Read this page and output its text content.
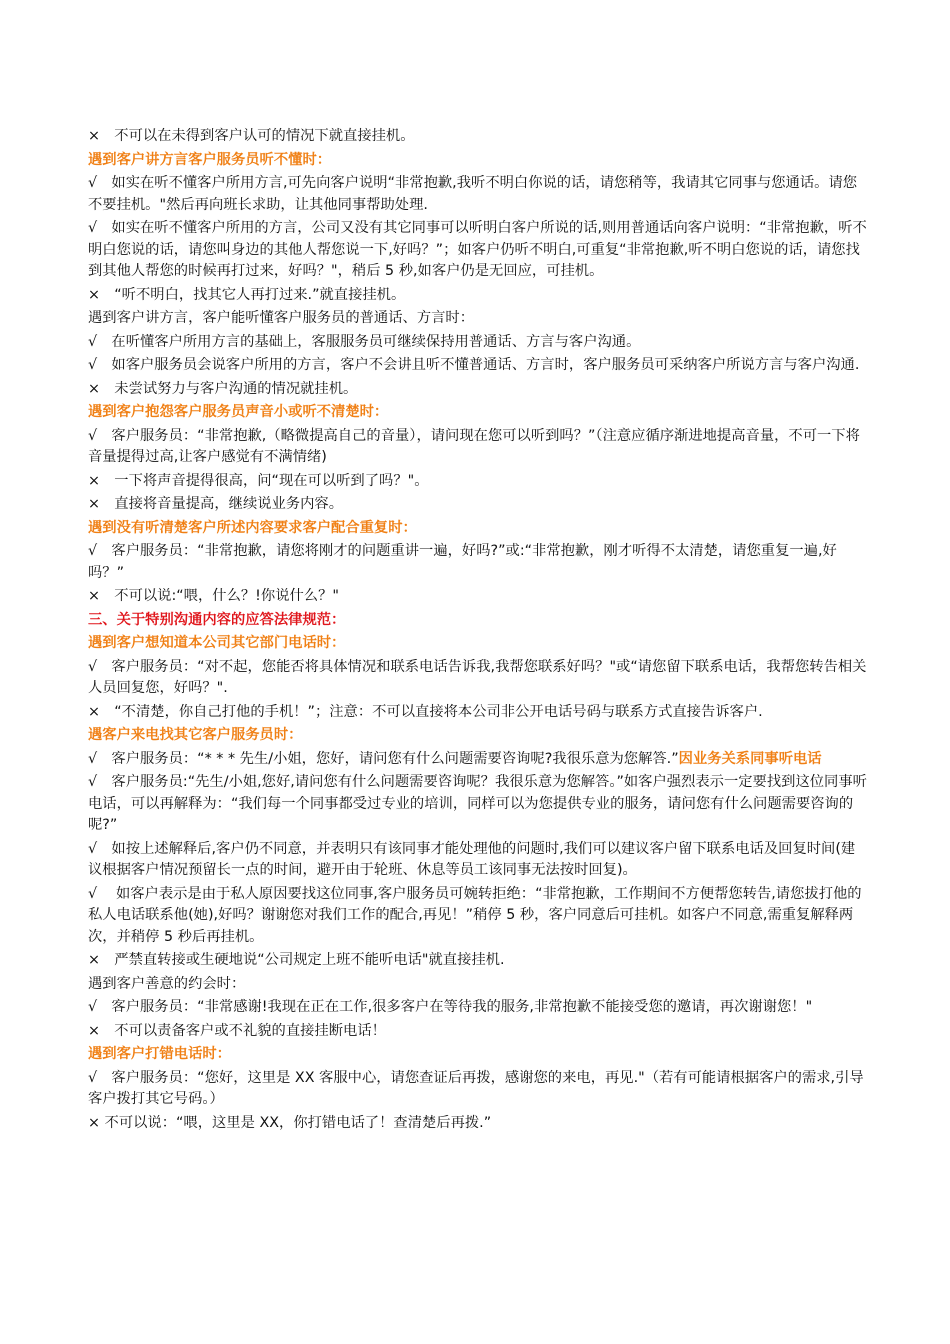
×　不可以在未得到客户认可的情况下就直接挂机。

遇到客户讲方言客户服务员听不懂时：

√　如实在听不懂客户所用方言,可先向客户说明“非常抱歉,我听不明白你说的话，请您稍等，我请其它同事与您通话。请您不要挂机。"然后再向班长求助，让其他同事帮助处理.

√　如实在听不懂客户所用的方言，公司又没有其它同事可以听明白客户所说的话,则用普通话向客户说明：“非常抱歉，听不明白您说的话，请您叫身边的其他人帮您说一下,好吗？”；如客户仍听不明白,可重复“非常抱歉,听不明白您说的话，请您找到其他人帮您的时候再打过来，好吗？"，稍后 5 秒,如客户仍是无回应，可挂机。

×　“听不明白，找其它人再打过来.”就直接挂机。

遇到客户讲方言，客户能听懂客户服务员的普通话、方言时：

√　在听懂客户所用方言的基础上，客服服务员可继续保持用普通话、方言与客户沟通。

√　如客户服务员会说客户所用的方言，客户不会讲且听不懂普通话、方言时，客户服务员可采纳客户所说方言与客户沟通.

×　未尝试努力与客户沟通的情况就挂机。

遇到客户抱怨客户服务员声音小或听不清楚时：

√　客户服务员：“非常抱歉,（略微提高自己的音量），请问现在您可以听到吗？”（注意应循序渐进地提高音量，不可一下将音量提得过高,让客户感觉有不满情绪)

×　一下将声音提得很高，问“现在可以听到了吗？"。

×　直接将音量提高，继续说业务内容。

遇到没有听清楚客户所述内容要求客户配合重复时：

√　客户服务员：“非常抱歉，请您将刚才的问题重讲一遍，好吗?”或:“非常抱歉，刚才听得不太清楚，请您重复一遍,好吗？”

×　不可以说:“喂，什么？!你说什么？"

三、关于特别沟通内容的应答法律规范：

遇到客户想知道本公司其它部门电话时：

√　客户服务员：“对不起，您能否将具体情况和联系电话告诉我,我帮您联系好吗？"或“请您留下联系电话，我帮您转告相关人员回复您，好吗？".

×　“不清楚，你自己打他的手机！”；注意：不可以直接将本公司非公开电话号码与联系方式直接告诉客户.

遇客户来电找其它客户服务员时：

√　客户服务员：“* * * 先生/小姐，您好，请问您有什么问题需要咨询呢?我很乐意为您解答.”因业务关系同事听电话

√　客户服务员:“先生/小姐,您好,请问您有什么问题需要咨询呢？我很乐意为您解答。”如客户强烈表示一定要找到这位同事听电话，可以再解释为：“我们每一个同事都受过专业的培训，同样可以为您提供专业的服务，请问您有什么问题需要咨询的呢?”

√　如按上述解释后,客户仍不同意，并表明只有该同事才能处理他的问题时,我们可以建议客户留下联系电话及回复时间(建议根据客户情况预留长一点的时间，避开由于轮班、休息等员工该同事无法按时回复)。

√　 如客户表示是由于私人原因要找这位同事,客户服务员可婉转拒绝：“非常抱歉，工作期间不方便帮您转告,请您拔打他的私人电话联系他(她),好吗？谢谢您对我们工作的配合,再见！”稍停 5 秒，客户同意后可挂机。如客户不同意,需重复解释两次，并稍停 5 秒后再挂机。

×　严禁直转接或生硬地说“公司规定上班不能听电话"就直接挂机.

遇到客户善意的约会时：

√　客户服务员：“非常感谢!我现在正在工作,很多客户在等待我的服务,非常抱歉不能接受您的邀请，再次谢谢您！"

×　不可以责备客户或不礼貌的直接挂断电话！

遇到客户打错电话时：

√　客户服务员：“您好，这里是 XX 客服中心，请您查证后再拨，感谢您的来电，再见."（若有可能请根据客户的需求,引导客户拨打其它号码。）

× 不可以说：“喂，这里是 XX，你打错电话了！查清楚后再拨.”
